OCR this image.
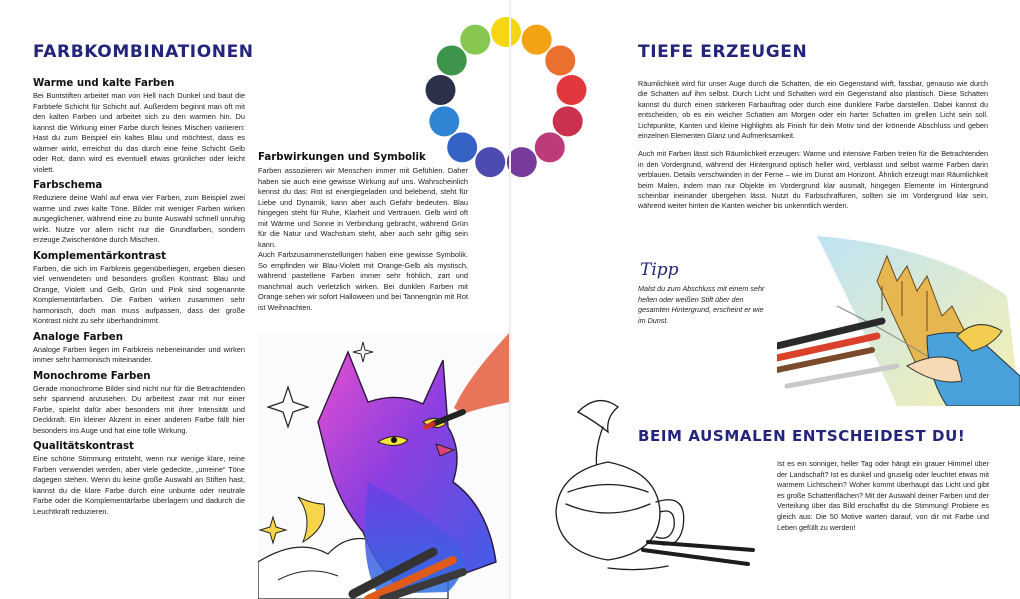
FARBKOMBINATIONEN
Warme und kalte Farben

Bei Buntstiften arbeitet man von Hell nach Dunkel und baut die Farbtiefe Schicht für Schicht auf. Außerdem beginnt man oft mit den kalten Farben und arbeitet sich zu den warmen hin. Du kannst die Wirkung einer Farbe durch feines Mischen variieren: Hast du zum Beispiel ein kaltes Blau und möchtest, dass es wärmer wirkt, erreichst du das durch eine feine Schicht Gelb oder Rot, dann wird es eventuell etwas grünlicher oder leicht violett.

Farbschema

Reduziere deine Wahl auf etwa vier Farben, zum Beispiel zwei warme und zwei kalte Töne. Bilder mit weniger Farben wirken ausgeglichener, während eine zu bunte Auswahl schnell unruhig wirkt. Nutze vor allem nicht nur die Grundfarben, sondern erzeuge Zwischentöne durch Mischen.

Komplementärkontrast

Farben, die sich im Farbkreis gegenüberliegen, ergeben diesen viel verwendeten und besonders großen Kontrast: Blau und Orange, Violett und Gelb, Grün und Pink sind sogenannte Komplementärfarben. Die Farben wirken zusammen sehr harmonisch, doch man muss aufpassen, dass der große Kontrast nicht zu sehr überhandnimmt.

Analoge Farben

Analoge Farben liegen im Farbkreis nebeneinander und wirken immer sehr harmonisch miteinander.

Monochrome Farben

Gerade monochrome Bilder sind nicht nur für die Betrachtenden sehr spannend anzusehen. Du arbeitest zwar mit nur einer Farbe, spielst dafür aber besonders mit ihrer Intensität und Deckkraft. Ein kleiner Akzent in einer anderen Farbe fällt hier besonders ins Auge und hat eine tolle Wirkung.

Qualitätskontrast

Eine schöne Stimmung entsteht, wenn nur wenige klare, reine Farben verwendet werden, aber viele gedeckte, „unreine“ Töne dagegen stehen. Wenn du keine große Auswahl an Stiften hast, kannst du die klare Farbe durch eine unbunte oder neutrale Farbe oder die Komplementärfarbe überlagern und dadurch die Leuchtkraft reduzieren.

Farbwirkungen und Symbolik

Farben assoziieren wir Menschen immer mit Gefühlen. Daher haben sie auch eine gewisse Wirkung auf uns. Wahrscheinlich kennst du das: Rot ist energiegeladen und belebend, steht für Liebe und Dynamik, kann aber auch Gefahr bedeuten. Blau hingegen steht für Ruhe, Klarheit und Vertrauen. Gelb wird oft mit Wärme und Sonne in Verbindung gebracht, während Grün für die Natur und Wachstum steht, aber auch sehr giftig sein kann.

Auch Farbzusammenstellungen haben eine gewisse Symbolik. So empfinden wir Blau-Violett mit Orange-Gelb als mystisch, während pastellene Farben immer sehr fröhlich, zart und manchmal auch verletzlich wirken. Bei dunklen Farben mit Orange sehen wir sofort Halloween und bei Tannengrün mit Rot ist Weihnachten.

TIEFE ERZEUGEN

Räumlichkeit wird für unser Auge durch die Schatten, die ein Gegenstand wirft, fassbar, genauso wie durch die Schatten auf ihm selbst. Durch Licht und Schatten wird ein Gegenstand also plastisch. Diese Schatten kannst du durch einen stärkeren Farbauftrag oder durch eine dunklere Farbe darstellen. Dabei kannst du entscheiden, ob es ein weicher Schatten am Morgen oder ein harter Schatten im grellen Licht sein soll. Lichtpunkte, Kanten und kleine Highlights als Finish für dein Motiv sind der krönende Abschluss und geben einzelnen Elementen Glanz und Aufmerksamkeit.

Auch mit Farben lässt sich Räumlichkeit erzeugen: Warme und intensive Farben treten für die Betrachtenden in den Vordergrund, während der Hintergrund optisch heller wird, verblasst und selbst warme Farben darin verblauen. Details verschwinden in der Ferne – wie im Dunst am Horizont. Ähnlich erzeugt man Räumlichkeit beim Malen, indem man nur Objekte im Vordergrund klar ausmalt, hingegen Elemente im Hintergrund scheinbar ineinander übergehen lässt. Nutzt du Farbschraffuren, sollten sie im Vordergrund klar sein, während weiter hinten die Kanten weicher bis unkenntlich werden.

Tipp

Malst du zum Abschluss mit einem sehr hellen oder weißen Stift über den gesamten Hintergrund, erscheint er wie im Dunst.

BEIM AUSMALEN ENTSCHEIDEST DU!

Ist es ein sonniger, heller Tag oder hängt ein grauer Himmel über der Landschaft? Ist es dunkel und gruselig oder leuchtet etwas mit warmem Lichtschein? Woher kommt überhaupt das Licht und gibt es große Schattenflächen? Mit der Auswahl deiner Farben und der Verteilung über das Bild erschaffst du die Stimmung! Probiere es gleich aus: Die 50 Motive warten darauf, von dir mit Farbe und Leben gefüllt zu werden!
